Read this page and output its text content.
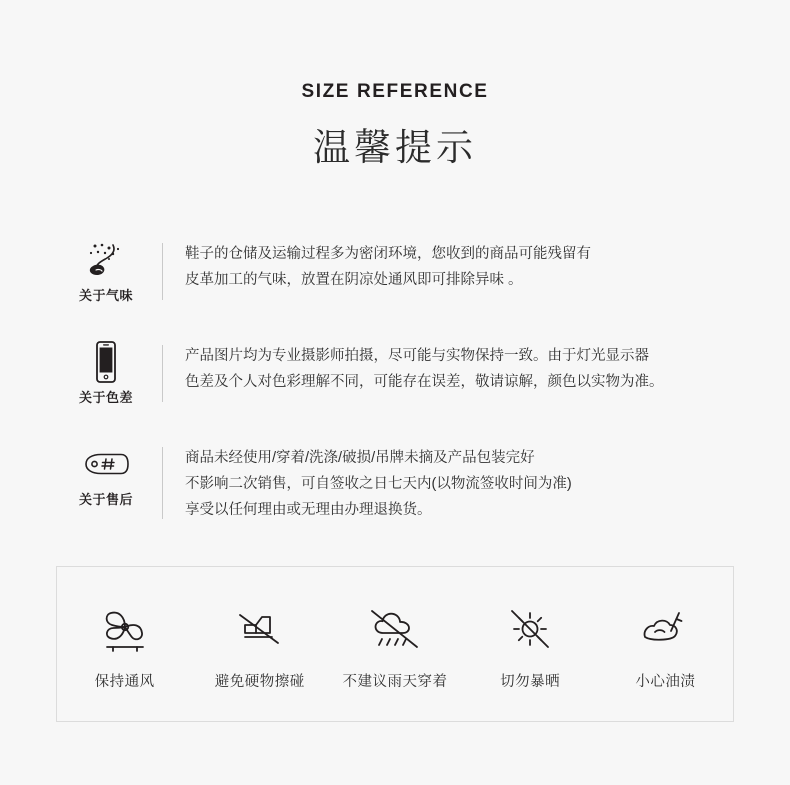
SIZE REFERENCE
温馨提示
关于气味
鞋子的仓储及运输过程多为密闭环境，您收到的商品可能残留有
皮革加工的气味，放置在阴凉处通风即可排除异味 。
关于色差
产品图片均为专业摄影师拍摄，尽可能与实物保持一致。由于灯光显示器
色差及个人对色彩理解不同，可能存在误差，敬请谅解，颜色以实物为准。
关于售后
商品未经使用/穿着/洗涤/破损/吊牌未摘及产品包装完好
不影响二次销售，可自签收之日七天内(以物流签收时间为准)
享受以任何理由或无理由办理退换货。
保持通风	避免硬物擦碰	不建议雨天穿着	切勿暴晒	小心油渍
